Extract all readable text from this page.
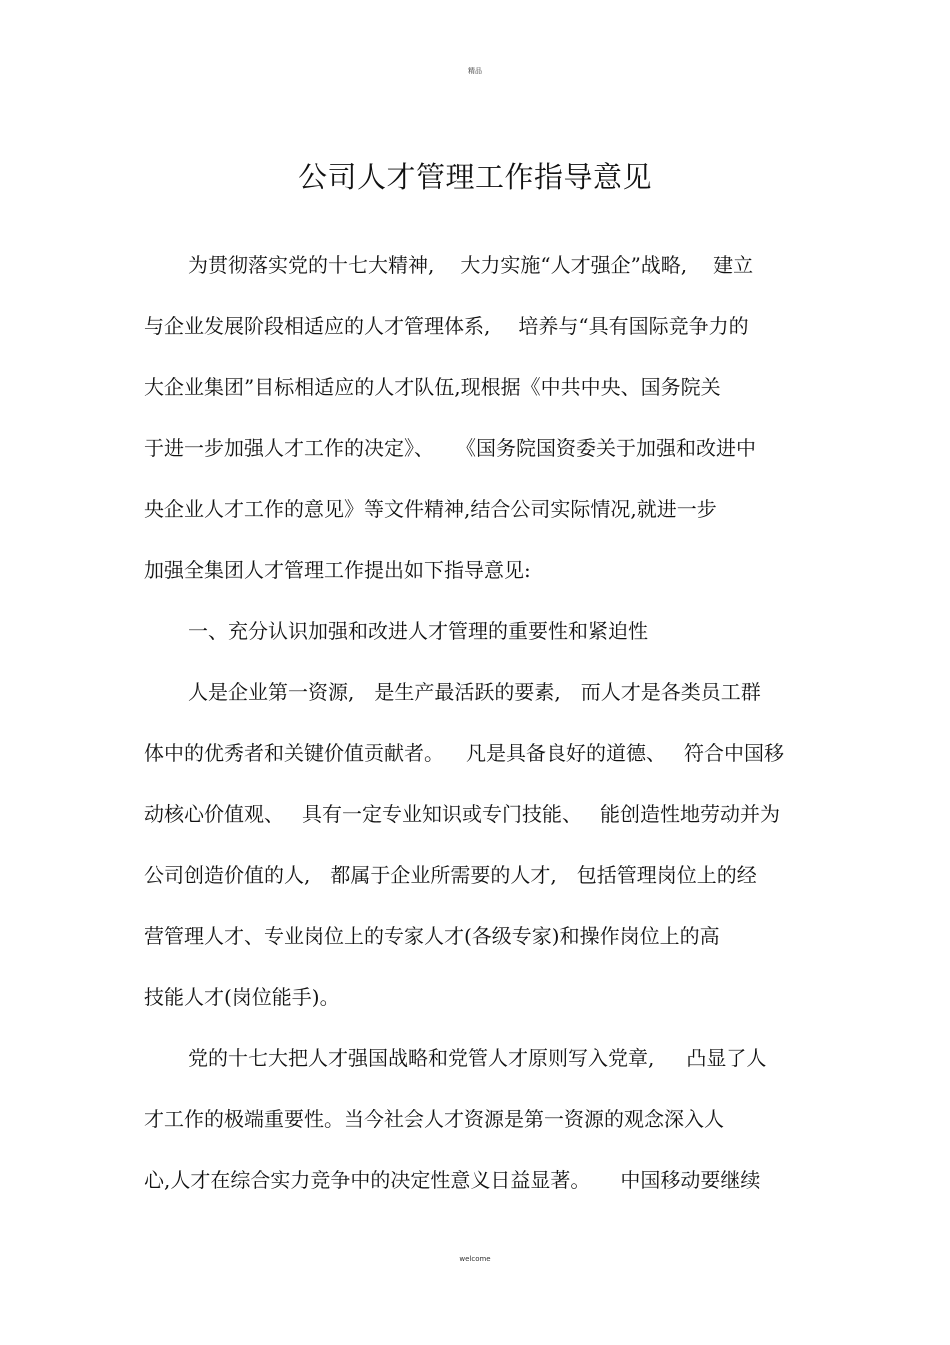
精品
公司人才管理工作指导意见
为贯彻落实党的十七大精神, 大力实施“人才强企”战略, 建立
与企业发展阶段相适应的人才管理体系, 培养与“具有国际竞争力的
大企业集团”目标相适应的人才队伍,现根据《中共中央、国务院关
于进一步加强人才工作的决定》、 《国务院国资委关于加强和改进中
央企业人才工作的意见》等文件精神,结合公司实际情况,就进一步
加强全集团人才管理工作提出如下指导意见:
一、充分认识加强和改进人才管理的重要性和紧迫性
人是企业第一资源, 是生产最活跃的要素, 而人才是各类员工群
体中的优秀者和关键价值贡献者。 凡是具备良好的道德、 符合中国移
动核心价值观、 具有一定专业知识或专门技能、 能创造性地劳动并为
公司创造价值的人, 都属于企业所需要的人才, 包括管理岗位上的经
营管理人才、专业岗位上的专家人才(各级专家)和操作岗位上的高
技能人才(岗位能手)。
党的十七大把人才强国战略和党管人才原则写入党章, 凸显了人
才工作的极端重要性。当今社会人才资源是第一资源的观念深入人
心,人才在综合实力竞争中的决定性意义日益显著。 中国移动要继续
welcome
